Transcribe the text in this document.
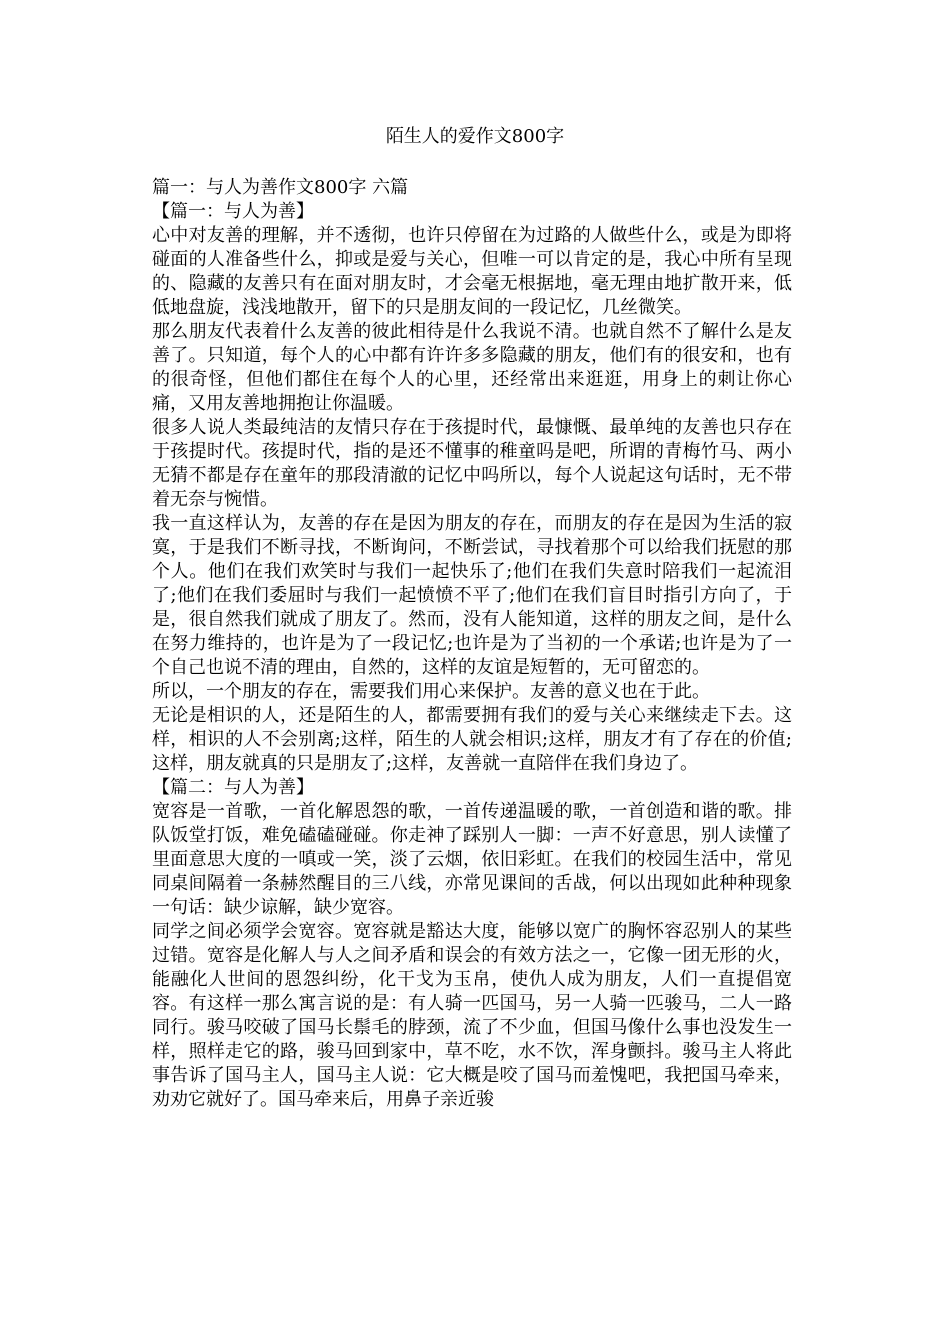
陌生人的爱作文800字

篇一：与人为善作文800字 六篇

【篇一：与人为善】

心中对友善的理解，并不透彻，也许只停留在为过路的人做些什么，或是为即将碰面的人准备些什么，抑或是爱与关心，但唯一可以肯定的是，我心中所有呈现的、隐藏的友善只有在面对朋友时，才会毫无根据地，毫无理由地扩散开来，低低地盘旋，浅浅地散开，留下的只是朋友间的一段记忆，几丝微笑。

那么朋友代表着什么友善的彼此相待是什么我说不清。也就自然不了解什么是友善了。只知道，每个人的心中都有许许多多隐藏的朋友，他们有的很安和，也有的很奇怪，但他们都住在每个人的心里，还经常出来逛逛，用身上的刺让你心痛，又用友善地拥抱让你温暖。

很多人说人类最纯洁的友情只存在于孩提时代，最慷慨、最单纯的友善也只存在于孩提时代。孩提时代，指的是还不懂事的稚童吗是吧，所谓的青梅竹马、两小无猜不都是存在童年的那段清澈的记忆中吗所以，每个人说起这句话时，无不带着无奈与惋惜。

我一直这样认为，友善的存在是因为朋友的存在，而朋友的存在是因为生活的寂寞，于是我们不断寻找，不断询问，不断尝试，寻找着那个可以给我们抚慰的那个人。他们在我们欢笑时与我们一起快乐了;他们在我们失意时陪我们一起流泪了;他们在我们委屈时与我们一起愤愤不平了;他们在我们盲目时指引方向了，于是，很自然我们就成了朋友了。然而，没有人能知道，这样的朋友之间，是什么在努力维持的，也许是为了一段记忆;也许是为了当初的一个承诺;也许是为了一个自己也说不清的理由，自然的，这样的友谊是短暂的，无可留恋的。

所以，一个朋友的存在，需要我们用心来保护。友善的意义也在于此。

无论是相识的人，还是陌生的人，都需要拥有我们的爱与关心来继续走下去。这样，相识的人不会别离;这样，陌生的人就会相识;这样，朋友才有了存在的价值;这样，朋友就真的只是朋友了;这样，友善就一直陪伴在我们身边了。

【篇二：与人为善】

宽容是一首歌，一首化解恩怨的歌，一首传递温暖的歌，一首创造和谐的歌。排队饭堂打饭，难免磕磕碰碰。你走神了踩别人一脚：一声不好意思，别人读懂了里面意思大度的一嗔或一笑，淡了云烟，依旧彩虹。在我们的校园生活中，常见同桌间隔着一条赫然醒目的三八线，亦常见课间的舌战，何以出现如此种种现象一句话：缺少谅解，缺少宽容。

同学之间必须学会宽容。宽容就是豁达大度，能够以宽广的胸怀容忍别人的某些过错。宽容是化解人与人之间矛盾和误会的有效方法之一，它像一团无形的火，能融化人世间的恩怨纠纷，化干戈为玉帛，使仇人成为朋友，人们一直提倡宽容。有这样一那么寓言说的是：有人骑一匹国马，另一人骑一匹骏马，二人一路同行。骏马咬破了国马长鬃毛的脖颈，流了不少血，但国马像什么事也没发生一样，照样走它的路，骏马回到家中，草不吃，水不饮，浑身颤抖。骏马主人将此事告诉了国马主人，国马主人说：它大概是咬了国马而羞愧吧，我把国马牵来，劝劝它就好了。国马牵来后，用鼻子亲近骏
